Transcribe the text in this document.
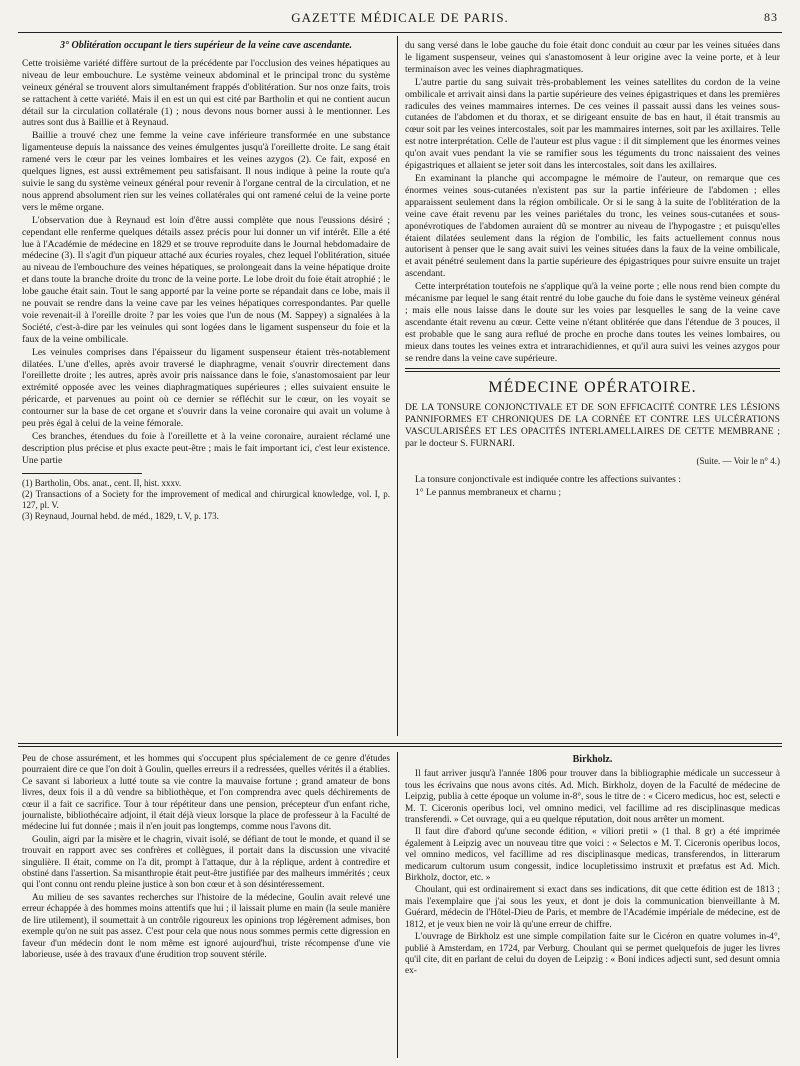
GAZETTE MÉDICALE DE PARIS.	83
3° Oblitération occupant le tiers supérieur de la veine cave ascendante.

Cette troisième variété diffère surtout de la précédente par l'occlusion des veines hépatiques au niveau de leur embouchure. Le système veineux abdominal et le principal tronc du système veineux général se trouvent alors simultanément frappés d'oblitération. Sur nos onze faits, trois se rattachent à cette variété. Mais il en est un qui est cité par Bartholin et qui ne contient aucun détail sur la circulation collatérale (1) ; nous devons nous borner aussi à le mentionner. Les autres sont dus à Baillie et à Reynaud.

Baillie a trouvé chez une femme la veine cave inférieure transformée en une substance ligamenteuse depuis la naissance des veines émulgentes jusqu'à l'oreillette droite. Le sang était ramené vers le cœur par les veines lombaires et les veines azygos (2). Ce fait, exposé en quelques lignes, est aussi extrêmement peu satisfaisant. Il nous indique à peine la route qu'a suivie le sang du système veineux général pour revenir à l'organe central de la circulation, et ne nous apprend absolument rien sur les veines collatérales qui ont ramené celui de la veine porte vers le même organe.

L'observation due à Reynaud est loin d'être aussi complète que nous l'eussions désiré ; cependant elle renferme quelques détails assez précis pour lui donner un vif intérêt. Elle a été lue à l'Académie de médecine en 1829 et se trouve reproduite dans le Journal hebdomadaire de médecine (3). Il s'agit d'un piqueur attaché aux écuries royales, chez lequel l'oblitération, située au niveau de l'embouchure des veines hépatiques, se prolongeait dans la veine hépatique droite et dans toute la branche droite du tronc de la veine porte. Le lobe droit du foie était atrophié ; le lobe gauche était sain. Tout le sang apporté par la veine porte se répandait dans ce lobe, mais il ne pouvait se rendre dans la veine cave par les veines hépatiques correspondantes. Par quelle voie revenait-il à l'oreille droite ? par les voies que l'un de nous (M. Sappey) a signalées à la Société, c'est-à-dire par les veinules qui sont logées dans le ligament suspenseur du foie et la faux de la veine ombilicale.

Les veinules comprises dans l'épaisseur du ligament suspenseur étaient très-notablement dilatées. L'une d'elles, après avoir traversé le diaphragme, venait s'ouvrir directement dans l'oreillette droite ; les autres, après avoir pris naissance dans le foie, s'anastomosaient par leur extrémité opposée avec les veines diaphragmatiques supérieures ; elles suivaient ensuite le péricarde, et parvenues au point où ce dernier se réfléchit sur le cœur, on les voyait se contourner sur la base de cet organe et s'ouvrir dans la veine coronaire qui avait un volume à peu près égal à celui de la veine fémorale.

Ces branches, étendues du foie à l'oreillette et à la veine coronaire, auraient réclamé une description plus précise et plus exacte peut-être ; mais le fait important ici, c'est leur existence. Une partie

(1) Bartholin, Obs. anat., cent. II, hist. xxxv.

(2) Transactions of a Society for the improvement of medical and chirurgical knowledge, vol. I, p. 127, pl. V.

(3) Reynaud, Journal hebd. de méd., 1829, t. V, p. 173.

du sang versé dans le lobe gauche du foie était donc conduit au cœur par les veines situées dans le ligament suspenseur, veines qui s'anastomosent à leur origine avec la veine porte, et à leur terminaison avec les veines diaphragmatiques.

L'autre partie du sang suivait très-probablement les veines satellites du cordon de la veine ombilicale et arrivait ainsi dans la partie supérieure des veines épigastriques et dans les premières radicules des veines mammaires internes. De ces veines il passait aussi dans les veines sous-cutanées de l'abdomen et du thorax, et se dirigeant ensuite de bas en haut, il était transmis au cœur soit par les veines intercostales, soit par les mammaires internes, soit par les axillaires. Telle est notre interprétation. Celle de l'auteur est plus vague : il dit simplement que les énormes veines qu'on avait vues pendant la vie se ramifier sous les téguments du tronc naissaient des veines épigastriques et allaient se jeter soit dans les intercostales, soit dans les axillaires.

En examinant la planche qui accompagne le mémoire de l'auteur, on remarque que ces énormes veines sous-cutanées n'existent pas sur la partie inférieure de l'abdomen ; elles apparaissent seulement dans la région ombilicale. Or si le sang à la suite de l'oblitération de la veine cave était revenu par les veines pariétales du tronc, les veines sous-cutanées et sous-aponévrotiques de l'abdomen auraient dû se montrer au niveau de l'hypogastre ; et puisqu'elles étaient dilatées seulement dans la région de l'ombilic, les faits actuellement connus nous autorisent à penser que le sang avait suivi les veines situées dans la faux de la veine ombilicale, et avait pénétré seulement dans la partie supérieure des épigastriques pour suivre ensuite un trajet ascendant.

Cette interprétation toutefois ne s'applique qu'à la veine porte ; elle nous rend bien compte du mécanisme par lequel le sang était rentré du lobe gauche du foie dans le système veineux général ; mais elle nous laisse dans le doute sur les voies par lesquelles le sang de la veine cave ascendante était revenu au cœur. Cette veine n'étant oblitérée que dans l'étendue de 3 pouces, il est probable que le sang aura reflué de proche en proche dans toutes les veines lombaires, ou mieux dans toutes les veines extra et intrarachidiennes, et qu'il aura suivi les veines azygos pour se rendre dans la veine cave supérieure.

MÉDECINE OPÉRATOIRE.
DE LA TONSURE CONJONCTIVALE ET DE SON EFFICACITÉ CONTRE LES LÉSIONS PANNIFORMES ET CHRONIQUES DE LA CORNÉE ET CONTRE LES ULCÉRATIONS VASCULARISÉES ET LES OPACITÉS INTERLAMELLAIRES DE CETTE MEMBRANE ; par le docteur S. FURNARI.
(Suite. — Voir le n° 4.)

La tonsure conjonctivale est indiquée contre les affections suivantes :

1° Le pannus membraneux et charnu ;

Peu de chose assurément, et les hommes qui s'occupent plus spécialement de ce genre d'études pourraient dire ce que l'on doit à Goulin, quelles erreurs il a redressées, quelles vérités il a établies. Ce savant si laborieux a lutté toute sa vie contre la mauvaise fortune ; grand amateur de bons livres, deux fois il a dû vendre sa bibliothèque, et l'on comprendra avec quels déchirements de cœur il a fait ce sacrifice. Tour à tour répétiteur dans une pension, précepteur d'un enfant riche, journaliste, bibliothécaire adjoint, il était déjà vieux lorsque la place de professeur à la Faculté de médecine lui fut donnée ; mais il n'en jouit pas longtemps, comme nous l'avons dit.

Goulin, aigri par la misère et le chagrin, vivait isolé, se défiant de tout le monde, et quand il se trouvait en rapport avec ses confrères et collègues, il portait dans la discussion une vivacité singulière. Il était, comme on l'a dit, prompt à l'attaque, dur à la réplique, ardent à contredire et obstiné dans l'assertion. Sa misanthropie était peut-être justifiée par des malheurs immérités ; ceux qui l'ont connu ont rendu pleine justice à son bon cœur et à son désintéressement.

Au milieu de ses savantes recherches sur l'histoire de la médecine, Goulin avait relevé une erreur échappée à des hommes moins attentifs que lui ; il laissait plume en main (la seule manière de lire utilement), il soumettait à un contrôle rigoureux les opinions trop légèrement admises, bon exemple qu'on ne suit pas assez. C'est pour cela que nous nous sommes permis cette digression en faveur d'un médecin dont le nom même est ignoré aujourd'hui, triste récompense d'une vie laborieuse, usée à des travaux d'une érudition trop souvent stérile.

Birkholz.

Il faut arriver jusqu'à l'année 1806 pour trouver dans la bibliographie médicale un successeur à tous les écrivains que nous avons cités. Ad. Mich. Birkholz, doyen de la Faculté de médecine de Leipzig, publia à cette époque un volume in-8°, sous le titre de : « Cicero medicus, hoc est, selecti e M. T. Ciceronis operibus loci, vel omnino medici, vel facillime ad res disciplinasque medicas transferendi. » Cet ouvrage, qui a eu quelque réputation, doit nous arrêter un moment.

Il faut dire d'abord qu'une seconde édition, « viliori pretii » (1 thal. 8 gr) a été imprimée également à Leipzig avec un nouveau titre que voici : « Selectos e M. T. Ciceronis operibus locos, vel omnino medicos, vel facillime ad res disciplinasque medicas, transferendos, in litterarum medicarum cultorum usum congessit, indice locupletissimo instruxit et præfatus est Ad. Mich. Birkholz, doctor, etc. »

Choulant, qui est ordinairement si exact dans ses indications, dit que cette édition est de 1813 ; mais l'exemplaire que j'ai sous les yeux, et dont je dois la communication bienveillante à M. Guérard, médecin de l'Hôtel-Dieu de Paris, et membre de l'Académie impériale de médecine, est de 1812, et je veux bien ne voir là qu'une erreur de chiffre.

L'ouvrage de Birkholz est une simple compilation faite sur le Cicéron en quatre volumes in-4°, publié à Amsterdam, en 1724, par Verburg. Choulant qui se permet quelquefois de juger les livres qu'il cite, dit en parlant de celui du doyen de Leipzig : « Boni indices adjecti sunt, sed desunt omnia ex-
